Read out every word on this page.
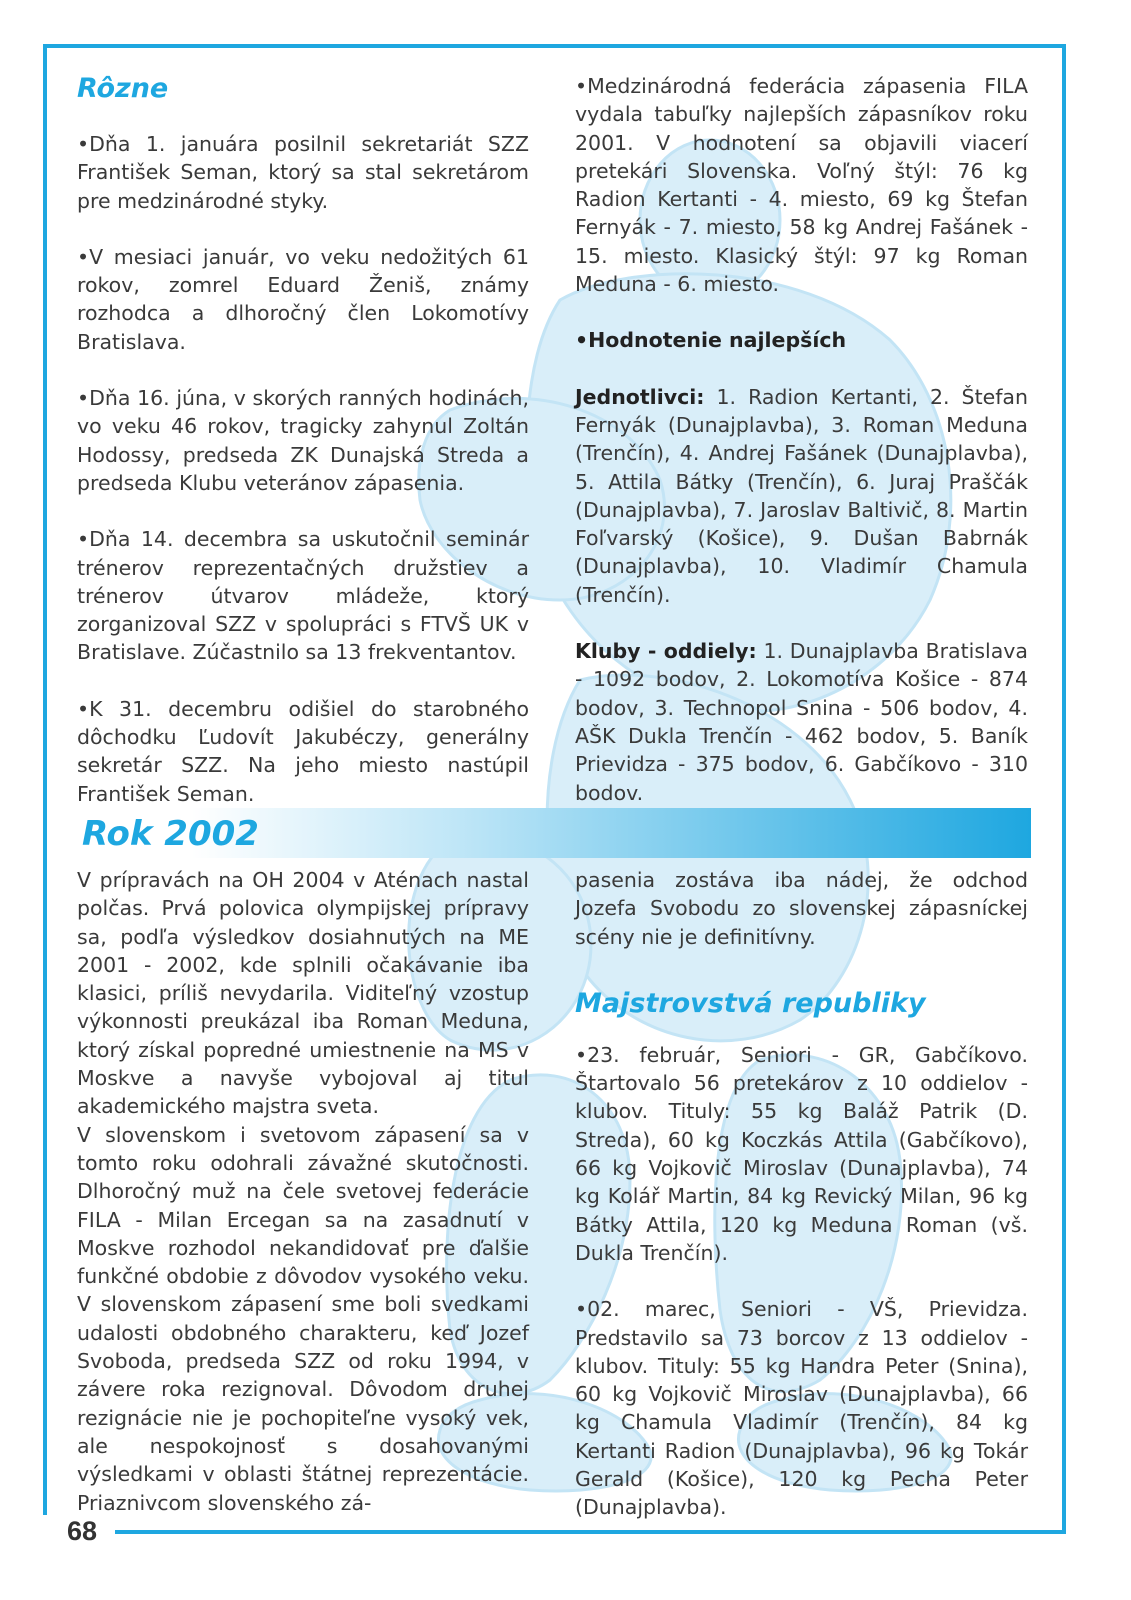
68
Rôzne

•Dňa 1. januára posilnil sekretariát SZZ František Seman, ktorý sa stal sekretárom pre medzinárodné styky.

•V mesiaci január, vo veku nedožitých 61 rokov, zomrel Eduard Ženiš, známy rozhodca a dlhoročný člen Lokomotívy Bratislava.

•Dňa 16. júna, v skorých ranných hodinách, vo veku 46 rokov, tragicky zahynul Zoltán Hodossy, predseda ZK Dunajská Streda a predseda Klubu veteránov zápasenia.

•Dňa 14. decembra sa uskutočnil seminár trénerov reprezentačných družstiev a trénerov útvarov mládeže, ktorý zorganizoval SZZ v spolupráci s FTVŠ UK v Bratislave. Zúčastnilo sa 13 frekventantov.

•K 31. decembru odišiel do starobného dôchodku Ľudovít Jakubéczy, generálny sekretár SZZ. Na jeho miesto nastúpil František Seman.

•Medzinárodná federácia zápasenia FILA vydala tabuľky najlepších zápasníkov roku 2001. V hodnotení sa objavili viacerí pretekári Slovenska. Voľný štýl: 76 kg Radion Kertanti - 4. miesto, 69 kg Štefan Fernyák - 7. miesto, 58 kg Andrej Fašánek - 15. miesto. Klasický štýl: 97 kg Roman Meduna - 6. miesto.

•Hodnotenie najlepších

Jednotlivci: 1. Radion Kertanti, 2. Štefan Fernyák (Dunajplavba), 3. Roman Meduna (Trenčín), 4. Andrej Fašánek (Dunajplavba), 5. Attila Bátky (Trenčín), 6. Juraj Praščák (Dunajplavba), 7. Jaroslav Baltivič, 8. Martin Foľvarský (Košice), 9. Dušan Babrnák (Dunajplavba), 10. Vladimír Chamula (Trenčín).

Kluby - oddiely: 1. Dunajplavba Bratislava - 1092 bodov, 2. Lokomotíva Košice - 874 bodov, 3. Technopol Snina - 506 bodov, 4. AŠK Dukla Trenčín - 462 bodov, 5. Baník Prievidza - 375 bodov, 6. Gabčíkovo - 310 bodov.

Rok 2002

V prípravách na OH 2004 v Aténach nastal polčas. Prvá polovica olympijskej prípravy sa, podľa výsledkov dosiahnutých na ME 2001 - 2002, kde splnili očakávanie iba klasici, príliš nevydarila. Viditeľný vzostup výkonnosti preukázal iba Roman Meduna, ktorý získal popredné umiestnenie na MS v Moskve a navyše vybojoval aj titul akademického majstra sveta.

V slovenskom i svetovom zápasení sa v tomto roku odohrali závažné skutočnosti. Dlhoročný muž na čele svetovej federácie FILA - Milan Ercegan sa na zasadnutí v Moskve rozhodol nekandidovať pre ďalšie funkčné obdobie z dôvodov vysokého veku. V slovenskom zápasení sme boli svedkami udalosti obdobného charakteru, keď Jozef Svoboda, predseda SZZ od roku 1994, v závere roka rezignoval. Dôvodom druhej rezignácie nie je pochopiteľne vysoký vek, ale nespokojnosť s dosahovanými výsledkami v oblasti štátnej reprezentácie. Priaznivcom slovenského zá-

pasenia zostáva iba nádej, že odchod Jozefa Svobodu zo slovenskej zápasníckej scény nie je definitívny.

Majstrovstvá republiky

•23. február, Seniori - GR, Gabčíkovo. Štartovalo 56 pretekárov z 10 oddielov - klubov. Tituly: 55 kg Baláž Patrik (D. Streda), 60 kg Koczkás Attila (Gabčíkovo), 66 kg Vojkovič Miroslav (Dunajplavba), 74 kg Kolář Martin, 84 kg Revický Milan, 96 kg Bátky Attila, 120 kg Meduna Roman (vš. Dukla Trenčín).

•02. marec, Seniori - VŠ, Prievidza. Predstavilo sa 73 borcov z 13 oddielov - klubov. Tituly: 55 kg Handra Peter (Snina), 60 kg Vojkovič Miroslav (Dunajplavba), 66 kg Chamula Vladimír (Trenčín), 84 kg Kertanti Radion (Dunajplavba), 96 kg Tokár Gerald (Košice), 120 kg Pecha Peter (Dunajplavba).
